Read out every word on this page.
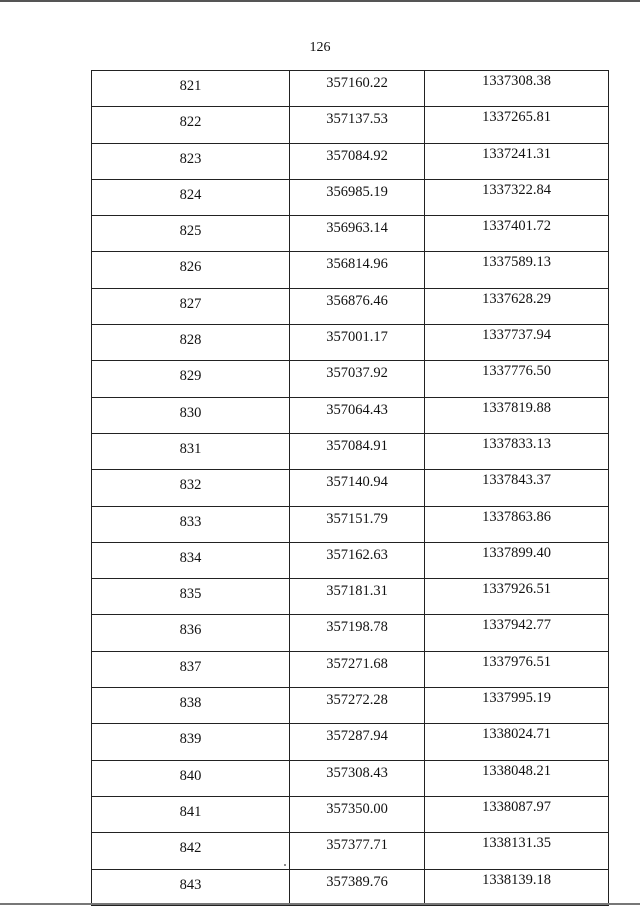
126
821	357160.22	1337308.38
822	357137.53	1337265.81
823	357084.92	1337241.31
824	356985.19	1337322.84
825	356963.14	1337401.72
826	356814.96	1337589.13
827	356876.46	1337628.29
828	357001.17	1337737.94
829	357037.92	1337776.50
830	357064.43	1337819.88
831	357084.91	1337833.13
832	357140.94	1337843.37
833	357151.79	1337863.86
834	357162.63	1337899.40
835	357181.31	1337926.51
836	357198.78	1337942.77
837	357271.68	1337976.51
838	357272.28	1337995.19
839	357287.94	1338024.71
840	357308.43	1338048.21
841	357350.00	1338087.97
842	357377.71	1338131.35
843	357389.76	1338139.18
